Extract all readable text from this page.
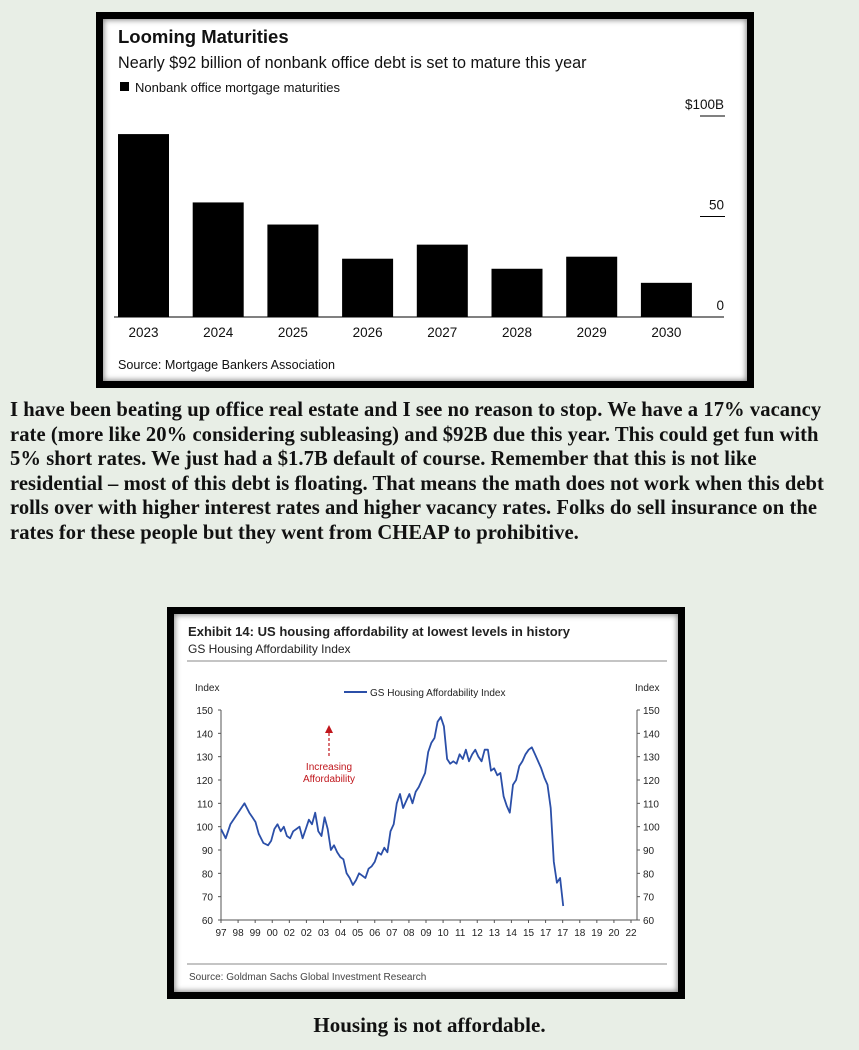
Looming Maturities
Nearly $92 billion of nonbank office debt is set to mature this year
Nonbank office mortgage maturities
2023	2024	2025	2026	2027	2028	2029	2030
0
50
$100B
Source: Mortgage Bankers Association

I have been beating up office real estate and I see no reason to stop. We have a 17% vacancy rate (more like 20% considering subleasing) and $92B due this year. This could get fun with 5% short rates. We just had a $1.7B default of course. Remember that this is not like residential – most of this debt is floating. That means the math does not work when this debt rolls over with higher interest rates and higher vacancy rates. Folks do sell insurance on the rates for these people but they went from CHEAP to prohibitive.

Exhibit 14: US housing affordability at lowest levels in history
GS Housing Affordability Index
Index	Index
GS Housing Affordability Index
60	60
70	70
80	80
90	90
100	100
110	110
120	120
130	130
140	140
150	150
97 98 99 00 02 02 03 04 05 06 07 08 09 10 11 12 13 14 15 17 17 18 19 20 22
Increasing
Affordability
Source: Goldman Sachs Global Investment Research
Housing is not affordable.
